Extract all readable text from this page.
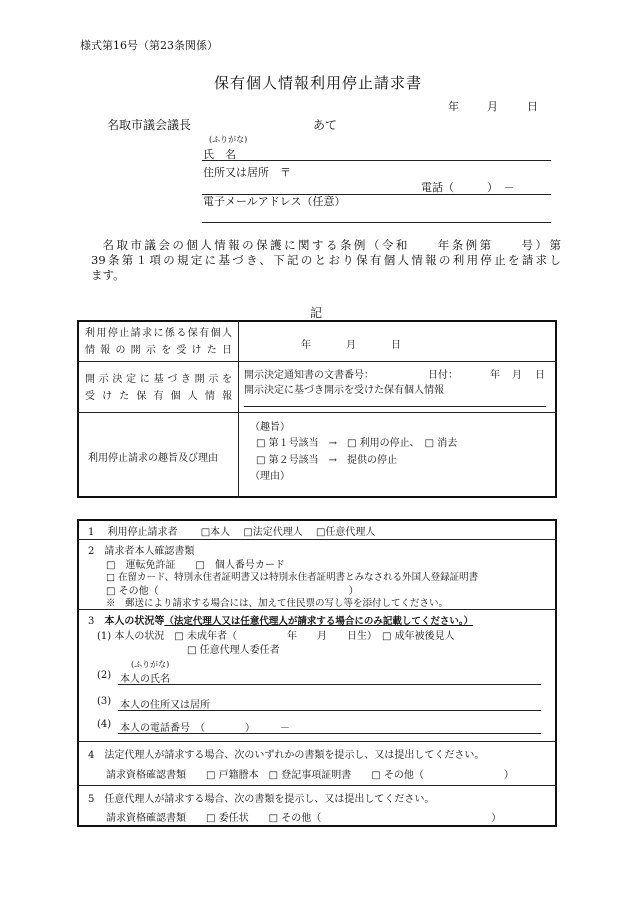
様式第16号（第23条関係）
保有個人情報利用停止請求書
年	月	日
名取市議会議長	あて
(ふりがな)
氏　名
住所又は居所　〒
電話（　　　）　－
電子メールアドレス（任意）
名取市議会の個人情報の保護に関する条例（令和　　年条例第　　号）第
39条第１項の規定に基づき、下記のとおり保有個人情報の利用停止を請求し
ます。
記
利用停止請求に係る保有個人
情報の開示を受けた日	年	月	日
開示決定に基づき開示を
受けた保有個人情報
開示決定通知書の文書番号：	日付：	年 月 日
開示決定に基づき開示を受けた保有個人情報
利用停止請求の趣旨及び理由
（趣旨）
□ 第１号該当　→　□ 利用の停止、　□ 消去
□ 第２号該当　→　提供の停止
（理由）
1　 利用停止請求者　　 □本人　 □法定代理人　 □任意代理人
2　請求者本人確認書類
□　運転免許証　　□　個人番号カード
□ 在留カード、特別永住者証明書又は特別永住者証明書とみなされる外国人登録証明書
□ その他（　　　　　　　　　　　　　　　　　　　）
※　郵送により請求する場合には、加えて住民票の写し等を添付してください。
3　本人の状況等（法定代理人又は任意代理人が請求する場合にのみ記載してください。）
(1) 本人の状況　□ 未成年者（　　　　　年　　月　　日生）　□ 成年被後見人
□ 任意代理人委任者
(ふりがな)
(2) 本人の氏名
(3) 本人の住所又は居所
(4) 本人の電話番号　（　　　　）　　　－
4　法定代理人が請求する場合、次のいずれかの書類を提示し、又は提出してください。
請求資格確認書類　　□ 戸籍謄本　□ 登記事項証明書　　□ その他（　　　　　　　　）
5　任意代理人が請求する場合、次の書類を提示し、又は提出してください。
請求資格確認書類　　□ 委任状　　□ その他（　　　　　　　　　　　　　　　　　）
